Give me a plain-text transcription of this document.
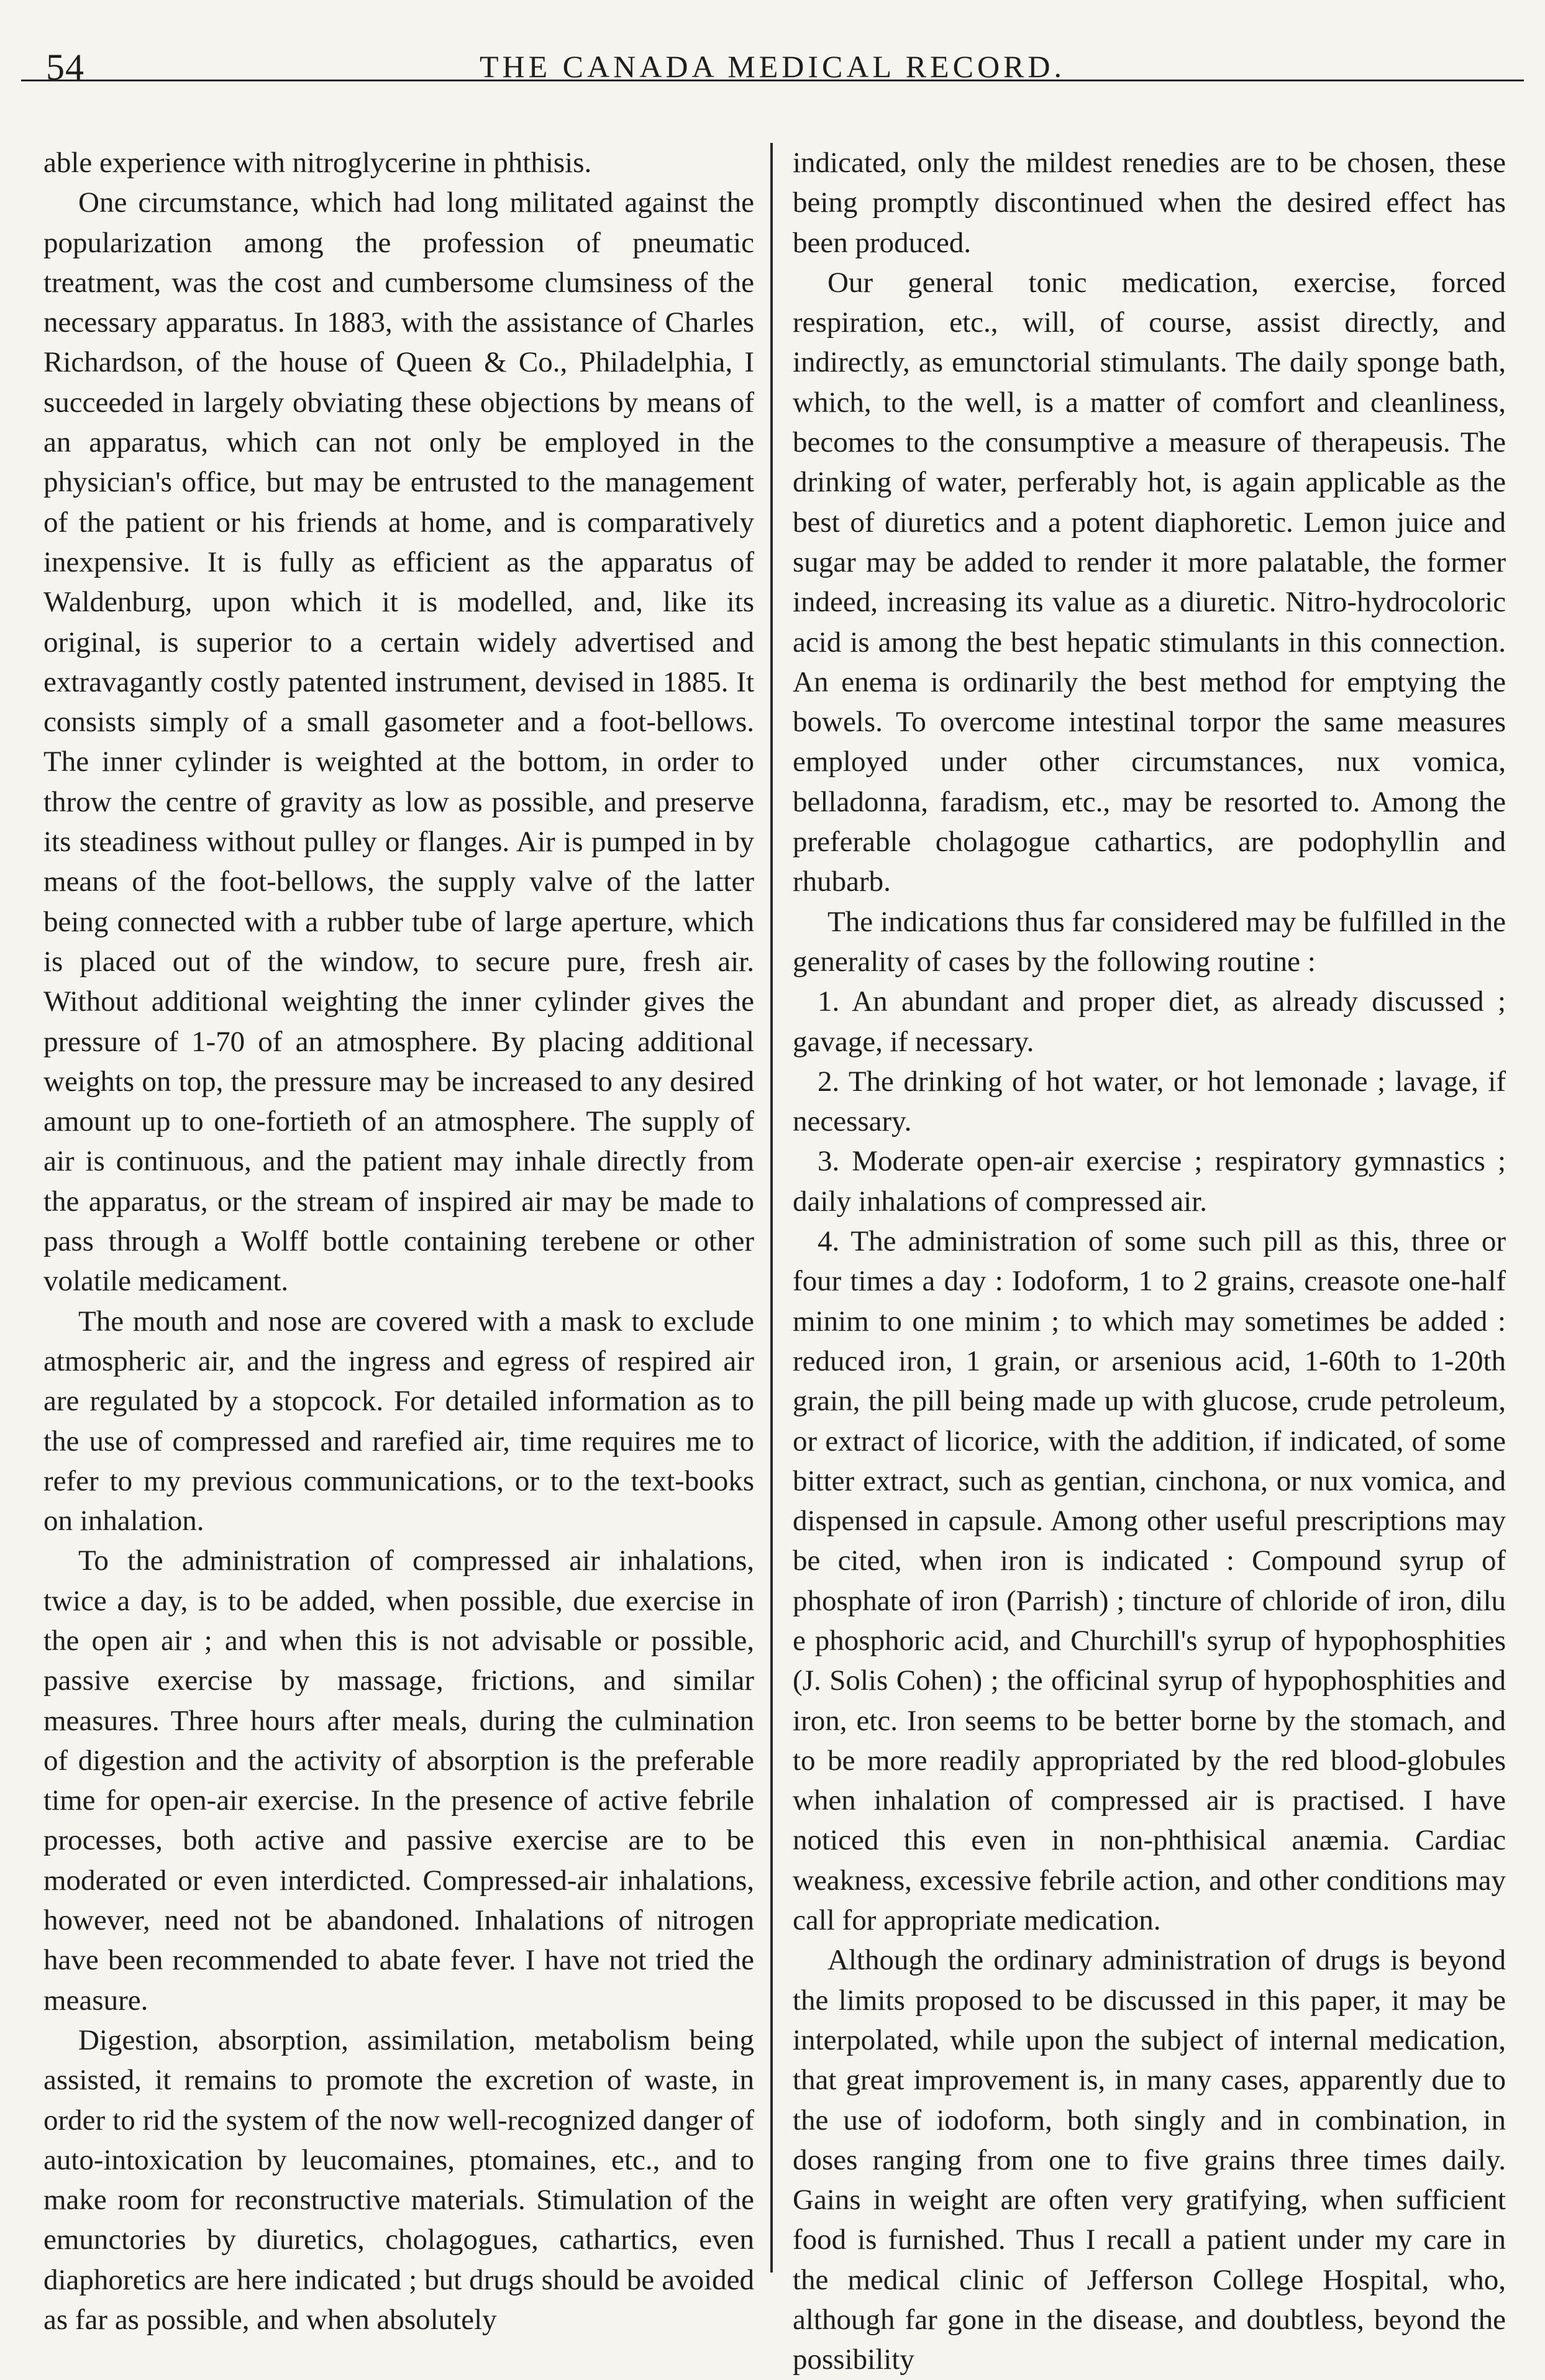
54	THE CANADA MEDICAL RECORD.

able experience with nitroglycerine in phthisis.

One circumstance, which had long militated against the popularization among the profession of pneumatic treatment, was the cost and cumbersome clumsiness of the necessary apparatus. In 1883, with the assistance of Charles Richardson, of the house of Queen & Co., Philadelphia, I succeeded in largely obviating these objections by means of an apparatus, which can not only be employed in the physician's office, but may be entrusted to the management of the patient or his friends at home, and is comparatively inexpensive. It is fully as efficient as the apparatus of Waldenburg, upon which it is modelled, and, like its original, is superior to a certain widely advertised and extravagantly costly patented instrument, devised in 1885. It consists simply of a small gasometer and a foot-bellows. The inner cylinder is weighted at the bottom, in order to throw the centre of gravity as low as possible, and preserve its steadiness without pulley or flanges. Air is pumped in by means of the foot-bellows, the supply valve of the latter being connected with a rubber tube of large aperture, which is placed out of the window, to secure pure, fresh air. Without additional weighting the inner cylinder gives the pressure of 1-70 of an atmosphere. By placing additional weights on top, the pressure may be increased to any desired amount up to one-fortieth of an atmosphere. The supply of air is continuous, and the patient may inhale directly from the apparatus, or the stream of inspired air may be made to pass through a Wolff bottle containing terebene or other volatile medicament.

The mouth and nose are covered with a mask to exclude atmospheric air, and the ingress and egress of respired air are regulated by a stopcock. For detailed information as to the use of compressed and rarefied air, time requires me to refer to my previous communications, or to the text-books on inhalation.

To the administration of compressed air inhalations, twice a day, is to be added, when possible, due exercise in the open air ; and when this is not advisable or possible, passive exercise by massage, frictions, and similar measures. Three hours after meals, during the culmination of digestion and the activity of absorption is the preferable time for open-air exercise. In the presence of active febrile processes, both active and passive exercise are to be moderated or even interdicted. Compressed-air inhalations, however, need not be abandoned. Inhalations of nitrogen have been recommended to abate fever. I have not tried the measure.

Digestion, absorption, assimilation, metabolism being assisted, it remains to promote the excretion of waste, in order to rid the system of the now well-recognized danger of auto-intoxication by leucomaines, ptomaines, etc., and to make room for reconstructive materials. Stimulation of the emunctories by diuretics, cholagogues, cathartics, even diaphoretics are here indicated ; but drugs should be avoided as far as possible, and when absolutely

indicated, only the mildest renedies are to be chosen, these being promptly discontinued when the desired effect has been produced.

Our general tonic medication, exercise, forced respiration, etc., will, of course, assist directly, and indirectly, as emunctorial stimulants. The daily sponge bath, which, to the well, is a matter of comfort and cleanliness, becomes to the consumptive a measure of therapeusis. The drinking of water, perferably hot, is again applicable as the best of diuretics and a potent diaphoretic. Lemon juice and sugar may be added to render it more palatable, the former indeed, increasing its value as a diuretic. Nitro-hydrocoloric acid is among the best hepatic stimulants in this connection. An enema is ordinarily the best method for emptying the bowels. To overcome intestinal torpor the same measures employed under other circumstances, nux vomica, belladonna, faradism, etc., may be resorted to. Among the preferable cholagogue cathartics, are podophyllin and rhubarb.

The indications thus far considered may be fulfilled in the generality of cases by the following routine :

1. An abundant and proper diet, as already discussed ; gavage, if necessary.

2. The drinking of hot water, or hot lemonade ; lavage, if necessary.

3. Moderate open-air exercise ; respiratory gymnastics ; daily inhalations of compressed air.

4. The administration of some such pill as this, three or four times a day : Iodoform, 1 to 2 grains, creasote one-half minim to one minim ; to which may sometimes be added : reduced iron, 1 grain, or arsenious acid, 1-60th to 1-20th grain, the pill being made up with glucose, crude petroleum, or extract of licorice, with the addition, if indicated, of some bitter extract, such as gentian, cinchona, or nux vomica, and dispensed in capsule. Among other useful prescriptions may be cited, when iron is indicated : Compound syrup of phosphate of iron (Parrish) ; tincture of chloride of iron, dilu e phosphoric acid, and Churchill's syrup of hypophosphities (J. Solis Cohen) ; the officinal syrup of hypophosphities and iron, etc. Iron seems to be better borne by the stomach, and to be more readily appropriated by the red blood-globules when inhalation of compressed air is practised. I have noticed this even in non-phthisical anæmia. Cardiac weakness, excessive febrile action, and other conditions may call for appropriate medication.

Although the ordinary administration of drugs is beyond the limits proposed to be discussed in this paper, it may be interpolated, while upon the subject of internal medication, that great improvement is, in many cases, apparently due to the use of iodoform, both singly and in combination, in doses ranging from one to five grains three times daily. Gains in weight are often very gratifying, when sufficient food is furnished. Thus I recall a patient under my care in the medical clinic of Jefferson College Hospital, who, although far gone in the disease, and doubtless, beyond the possibility
